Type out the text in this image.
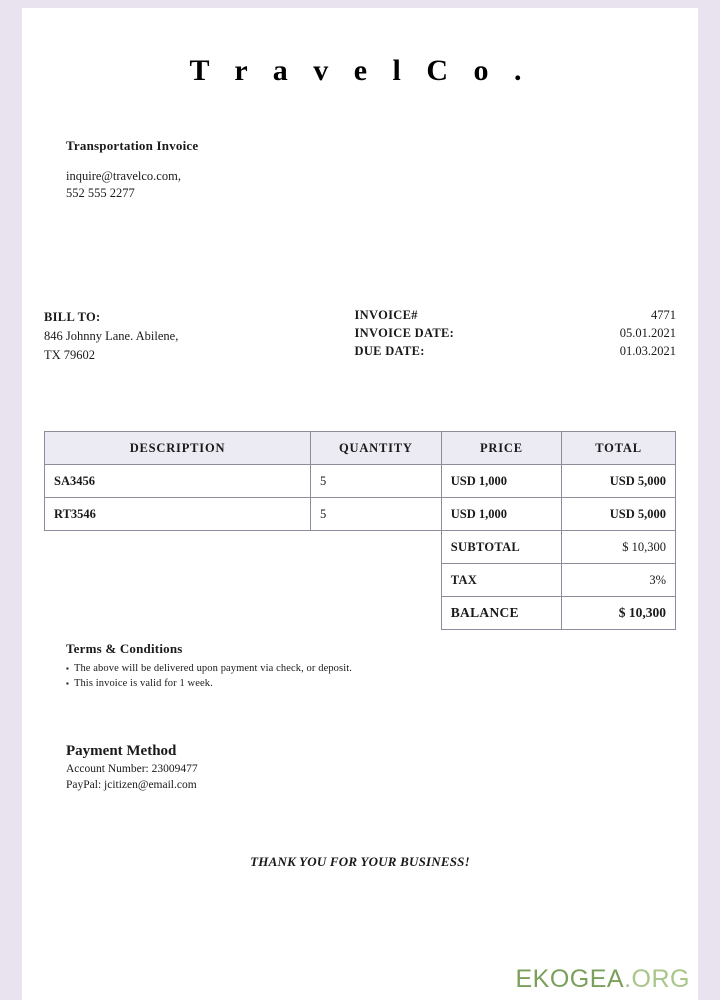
T r a v e l C o .
Transportation Invoice
inquire@travelco.com,
552 555 2277
BILL TO:
846 Johnny Lane. Abilene,
TX 79602
INVOICE#	4771
INVOICE DATE:	05.01.2021
DUE DATE:	01.03.2021
DESCRIPTION	QUANTITY	PRICE	TOTAL
SA3456	5	USD 1,000	USD 5,000
RT3546	5	USD 1,000	USD 5,000
		SUBTOTAL	$ 10,300
		TAX	3%
		BALANCE	$ 10,300
Terms & Conditions
▪ The above will be delivered upon payment via check, or deposit.
▪ This invoice is valid for 1 week.
Payment Method
Account Number: 23009477
PayPal: jcitizen@email.com
THANK YOU FOR YOUR BUSINESS!
EKOGEA.ORG
